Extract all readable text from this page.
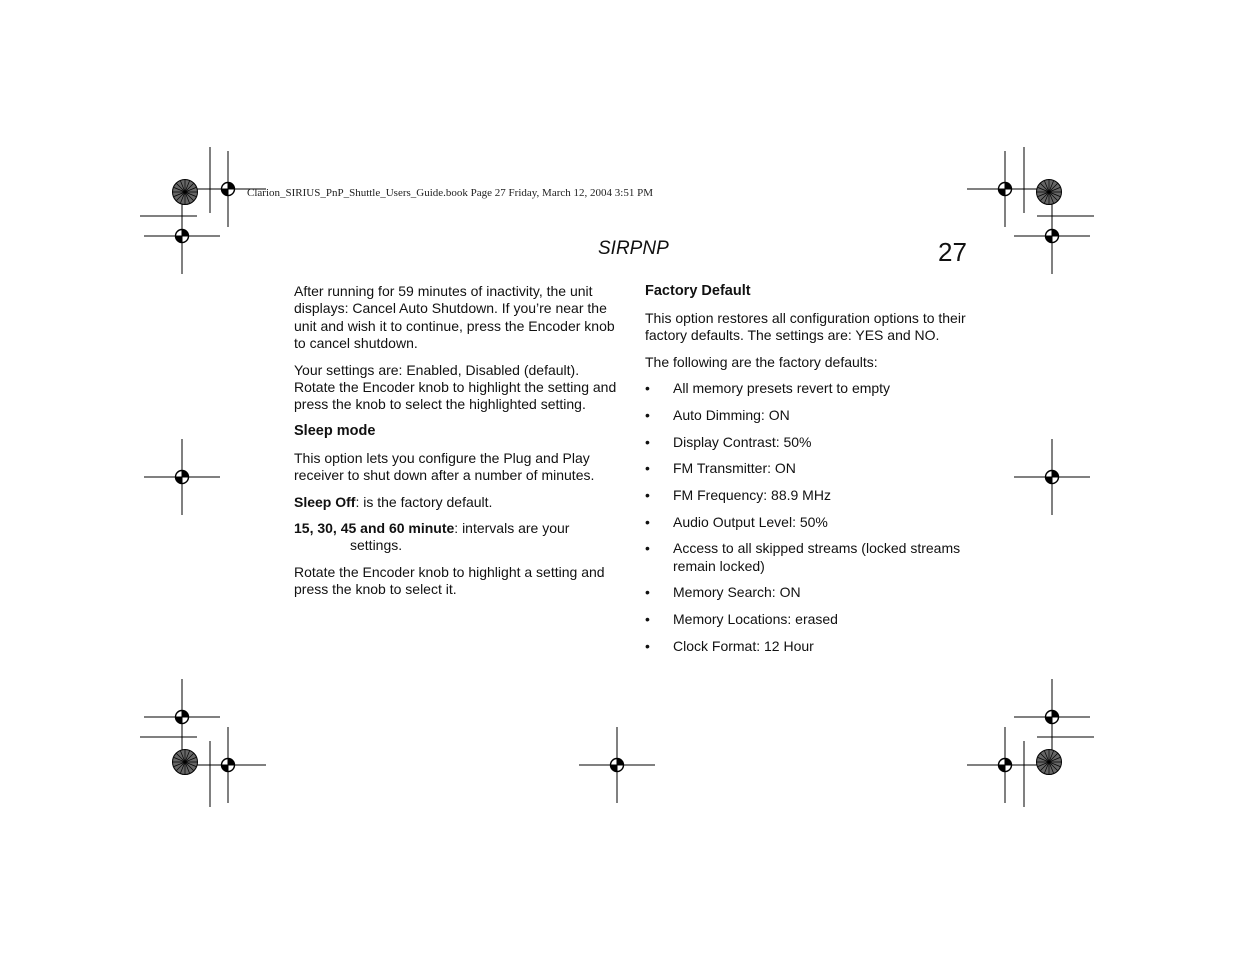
Clarion_SIRIUS_PnP_Shuttle_Users_Guide.book Page 27 Friday, March 12, 2004 3:51 PM
SIRPNP	27

After running for 59 minutes of inactivity, the unit displays: Cancel Auto Shutdown. If you’re near the unit and wish it to continue, press the Encoder knob to cancel shutdown.

Your settings are: Enabled, Disabled (default). Rotate the Encoder knob to highlight the setting and press the knob to select the highlighted setting.

Sleep mode

This option lets you configure the Plug and Play receiver to shut down after a number of minutes.

Sleep Off: is the factory default.

15, 30, 45 and 60 minute: intervals are your settings.

Rotate the Encoder knob to highlight a setting and press the knob to select it.

Factory Default

This option restores all configuration options to their factory defaults. The settings are: YES and NO.

The following are the factory defaults:

• All memory presets revert to empty
• Auto Dimming: ON
• Display Contrast: 50%
• FM Transmitter: ON
• FM Frequency: 88.9 MHz
• Audio Output Level: 50%
• Access to all skipped streams (locked streams remain locked)
• Memory Search: ON
• Memory Locations: erased
• Clock Format: 12 Hour
